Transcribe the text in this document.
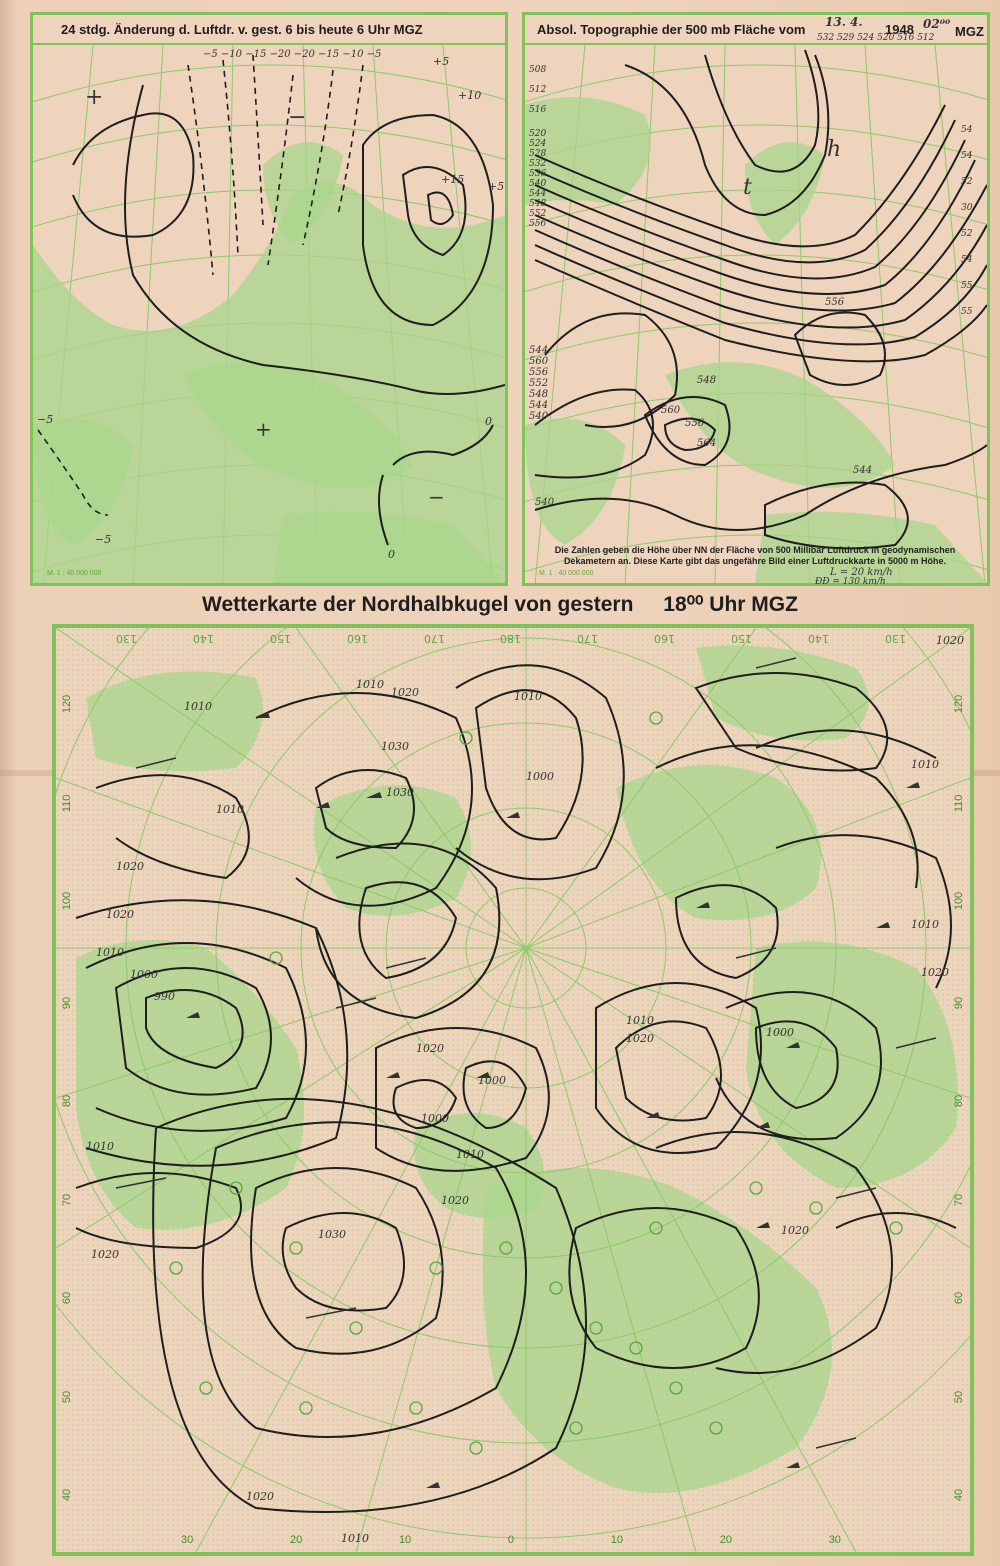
24 stdg. Änderung d. Luftdr. v. gest. 6 bis heute 6 Uhr MGZ
+
−
+10
+15
+5
+5
−5 −10 −15 −20 −20 −15 −10 −5
+
−
0
0
−5
−5
M. 1 : 40 000 000
Absol. Topographie der 500 mb Fläche vom 13. 4. 1948 02⁰⁰ MGZ
532 529 524 520 516 512
508
512
516
520
524
528
532
536
540
544
548
552
556
544
560
556
552
548
544
540
54
54
52
30
52
54
55
55
t
h
548
560
556
564
540
544
556
Die Zahlen geben die Höhe über NN der Fläche von 500 Millibar Luftdruck in geodynamischen Dekametern an. Diese Karte gibt das ungefähre Bild einer Luftdruckkarte in 5000 m Höhe.
L = 20 km/h
ĐĐ = 130 km/h
M. 1 : 40 000 000
Wetterkarte der Nordhalbkugel von gestern 18⁰⁰ Uhr MGZ
130	140	150	160	170	180	170	160	150	140	130
30	20	10	0	10	20	30
120
110
100
90
80
70
60
50
40
120
110
100
90
80
70
60
50
40
1010
1020
1010
1020
1030
1000
1010
1020
1010
990
1000
1010
1020
1030
1020
1000
1000
1010
1010
1020
1030
1020
1020
1010
1000
1010
1020
1010
1020
1010
1020
